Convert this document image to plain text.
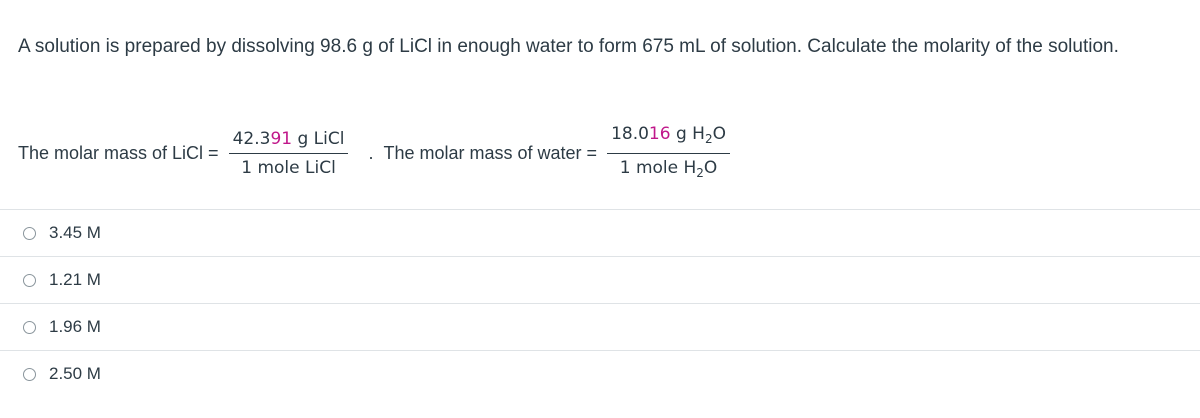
A solution is prepared by dissolving 98.6 g of LiCl in enough water to form 675 mL of solution. Calculate the molarity of the solution.
The molar mass of LiCl = $\frac{\text{42.391 g LiCl}}{\text{1 mole LiCl}}$ . The molar mass of water = $\frac{18.016 g H_2O}{1 mole H_2O}$
3.45 M
1.21 M
1.96 M
2.50 M
